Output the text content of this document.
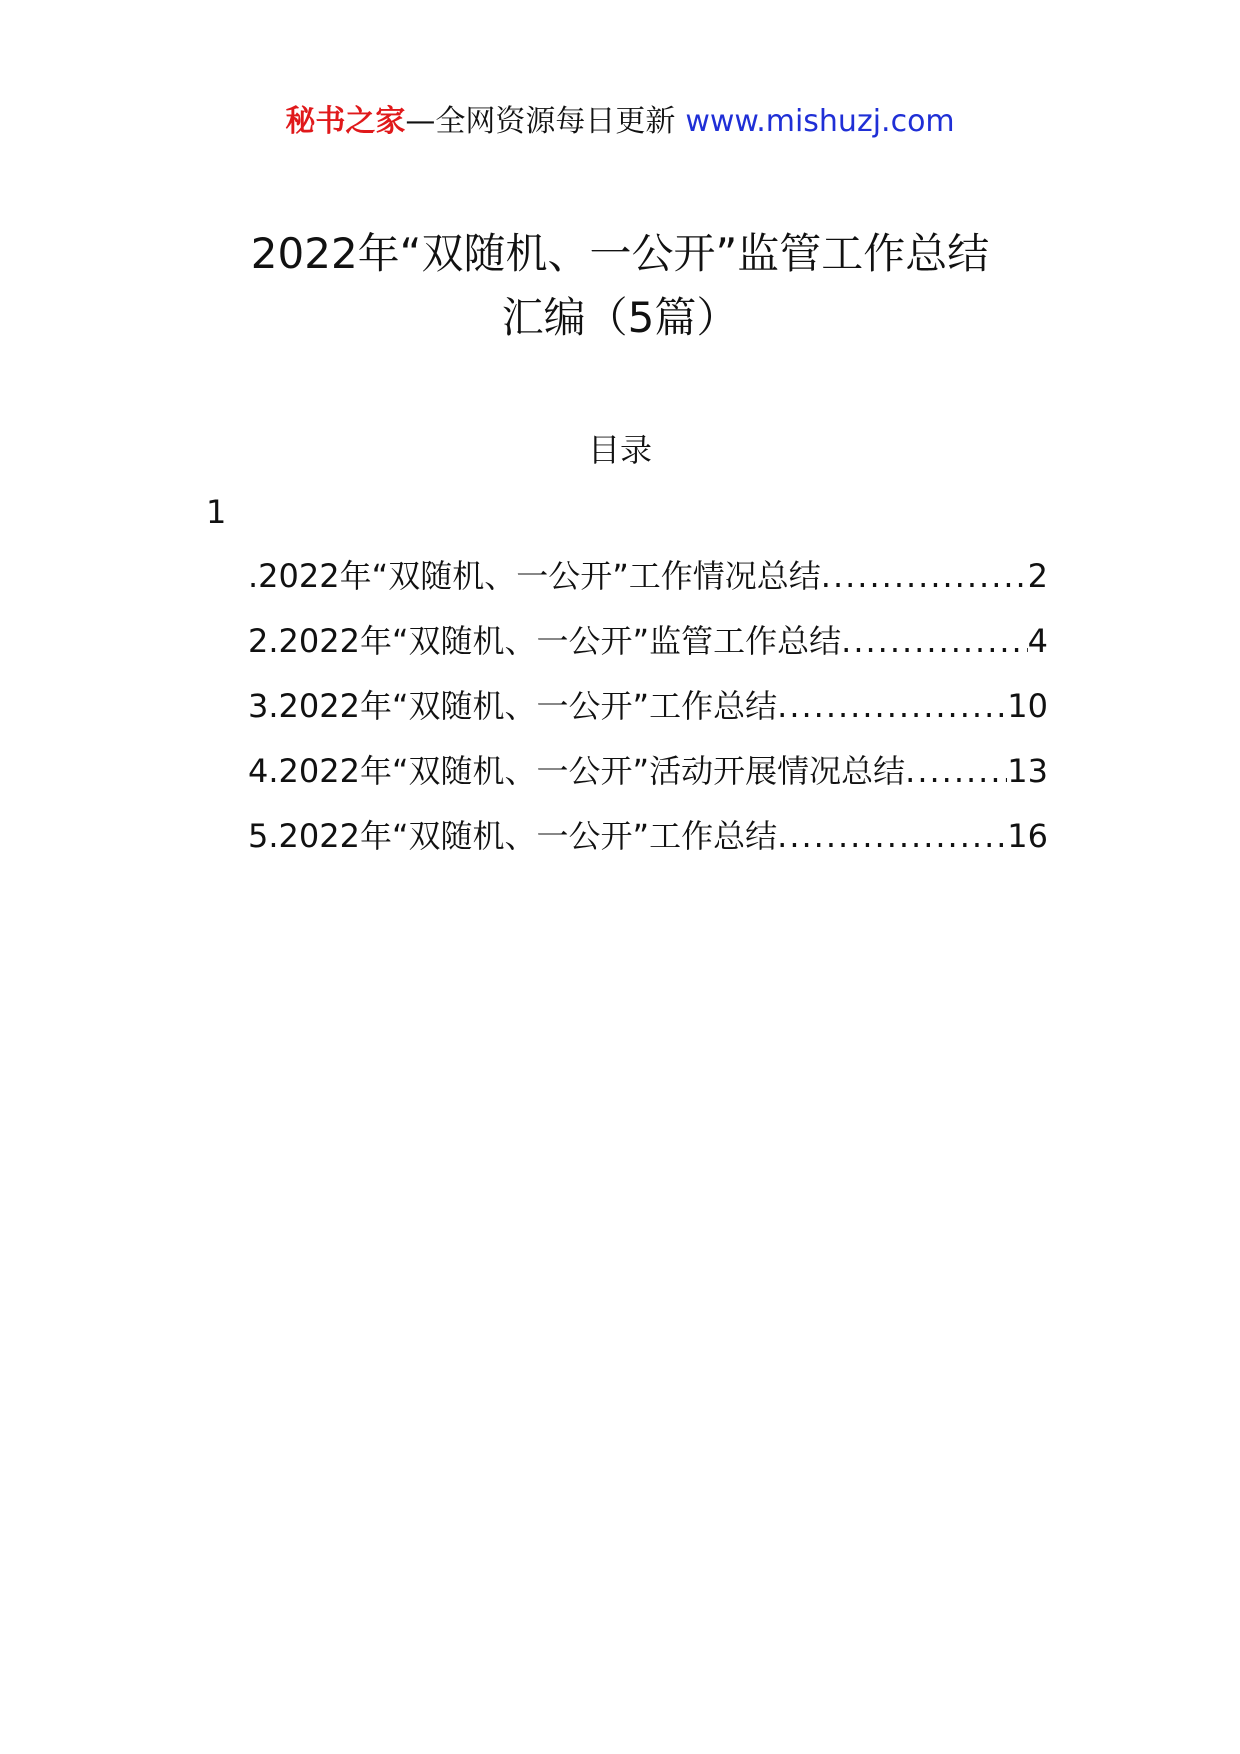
秘书之家—全网资源每日更新 www.mishuzj.com
2022年“双随机、一公开”监管工作总结
汇编（5篇）
目录
1
.2022年“双随机、一公开”工作情况总结 .....	2
2.2022年“双随机、一公开”监管工作总结 .....	4
3.2022年“双随机、一公开”工作总结 .....	10
4.2022年“双随机、一公开”活动开展情况总结 .....	13
5.2022年“双随机、一公开”工作总结 .....	16
